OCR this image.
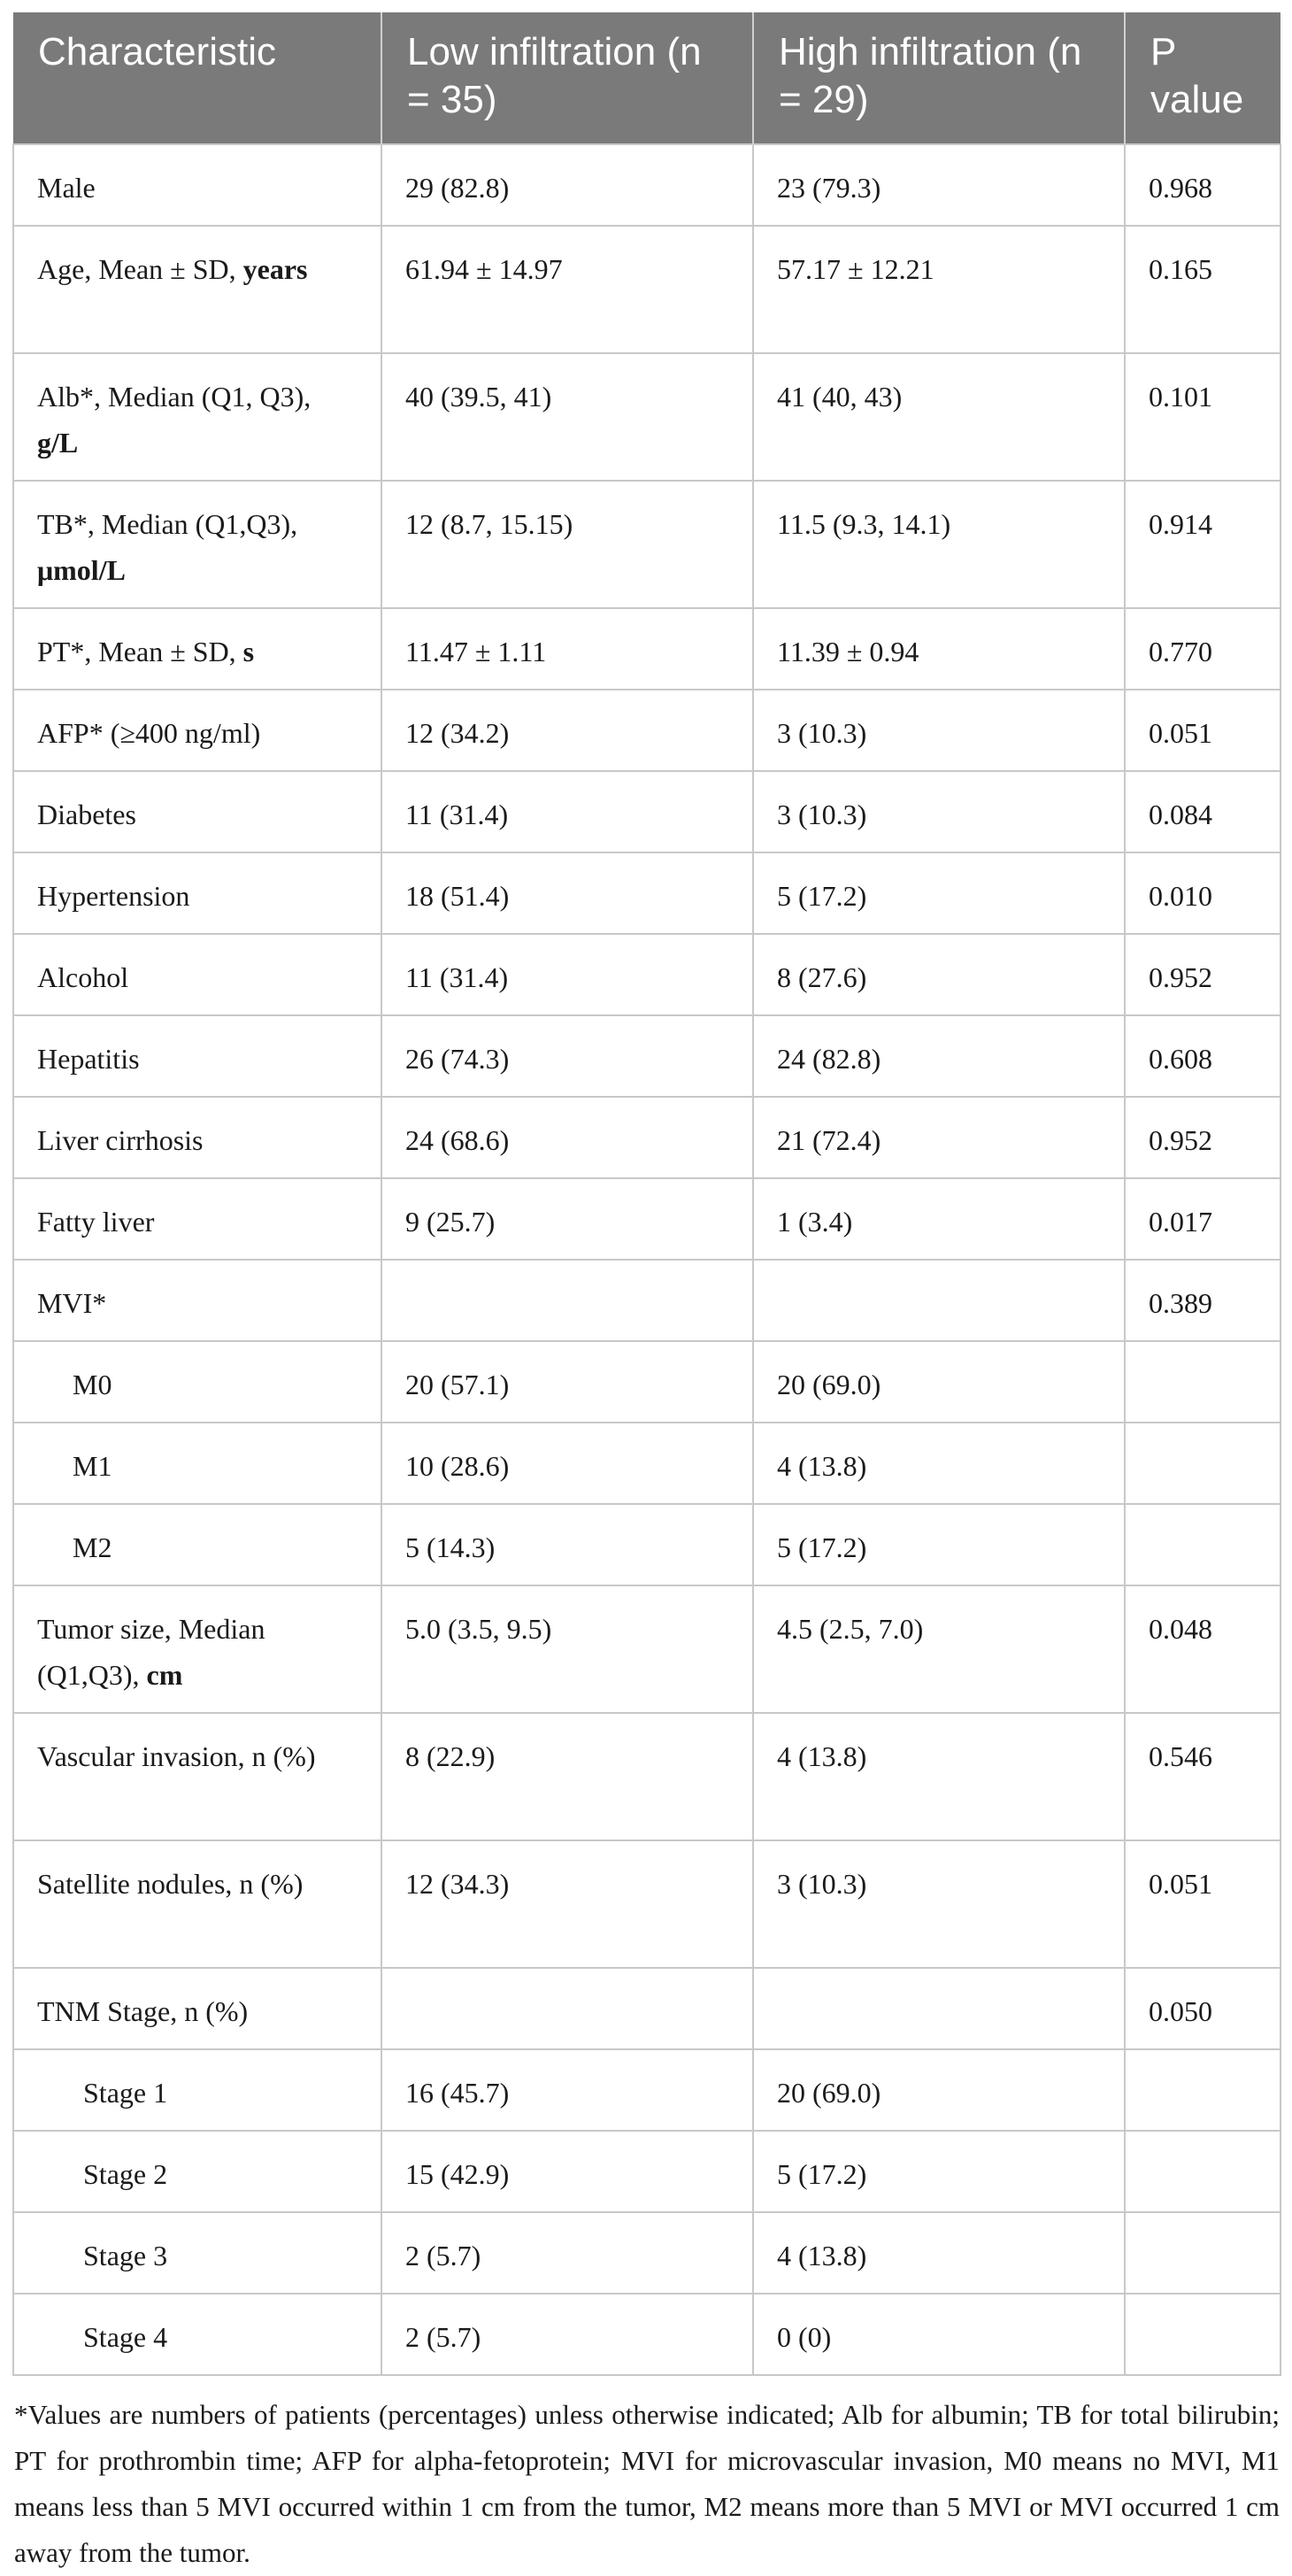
Characteristic	Low infiltration (n = 35)	High infiltration (n = 29)	P value
Male	29 (82.8)	23 (79.3)	0.968
Age, Mean ± SD, years	61.94 ± 14.97	57.17 ± 12.21	0.165
Alb*, Median (Q1, Q3), g/L	40 (39.5, 41)	41 (40, 43)	0.101
TB*, Median (Q1,Q3), μmol/L	12 (8.7, 15.15)	11.5 (9.3, 14.1)	0.914
PT*, Mean ± SD, s	11.47 ± 1.11	11.39 ± 0.94	0.770
AFP* (≥400 ng/ml)	12 (34.2)	3 (10.3)	0.051
Diabetes	11 (31.4)	3 (10.3)	0.084
Hypertension	18 (51.4)	5 (17.2)	0.010
Alcohol	11 (31.4)	8 (27.6)	0.952
Hepatitis	26 (74.3)	24 (82.8)	0.608
Liver cirrhosis	24 (68.6)	21 (72.4)	0.952
Fatty liver	9 (25.7)	1 (3.4)	0.017
MVI*			0.389
M0	20 (57.1)	20 (69.0)	
M1	10 (28.6)	4 (13.8)	
M2	5 (14.3)	5 (17.2)	
Tumor size, Median (Q1,Q3), cm	5.0 (3.5, 9.5)	4.5 (2.5, 7.0)	0.048
Vascular invasion, n (%)	8 (22.9)	4 (13.8)	0.546
Satellite nodules, n (%)	12 (34.3)	3 (10.3)	0.051
TNM Stage, n (%)			0.050
Stage 1	16 (45.7)	20 (69.0)	
Stage 2	15 (42.9)	5 (17.2)	
Stage 3	2 (5.7)	4 (13.8)	
Stage 4	2 (5.7)	0 (0)	
*Values are numbers of patients (percentages) unless otherwise indicated; Alb for albumin; TB for total bilirubin; PT for prothrombin time; AFP for alpha-fetoprotein; MVI for microvascular invasion, M0 means no MVI, M1 means less than 5 MVI occurred within 1 cm from the tumor, M2 means more than 5 MVI or MVI occurred 1 cm away from the tumor.
